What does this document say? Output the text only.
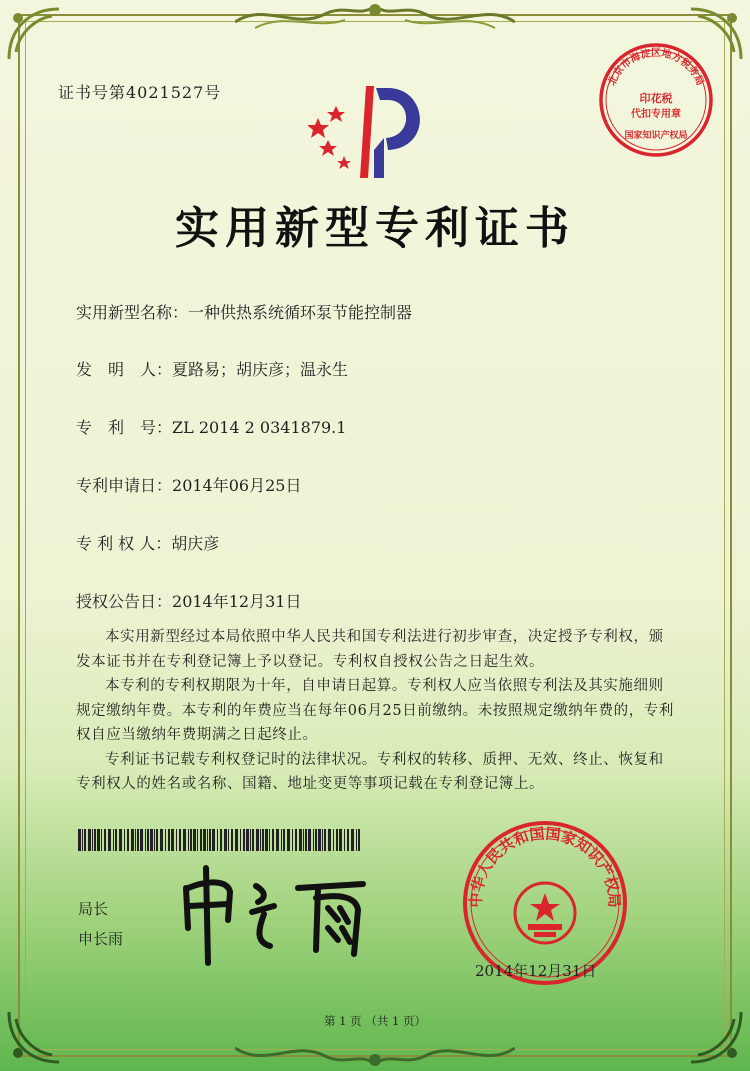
证书号第4021527号
北京市海淀区地方税务局
印花税
代扣专用章
国家知识产权局
实用新型专利证书
实用新型名称：一种供热系统循环泵节能控制器
发　明　人：夏路易；胡庆彦；温永生
专　利　号：ZL 2014 2 0341879.1
专利申请日：2014年06月25日
专 利 权 人：胡庆彦
授权公告日：2014年12月31日

本实用新型经过本局依照中华人民共和国专利法进行初步审查，决定授予专利权，颁发本证书并在专利登记簿上予以登记。专利权自授权公告之日起生效。

本专利的专利权期限为十年，自申请日起算。专利权人应当依照专利法及其实施细则规定缴纳年费。本专利的年费应当在每年06月25日前缴纳。未按照规定缴纳年费的，专利权自应当缴纳年费期满之日起终止。

专利证书记载专利权登记时的法律状况。专利权的转移、质押、无效、终止、恢复和专利权人的姓名或名称、国籍、地址变更等事项记载在专利登记簿上。

局长
申长雨
中华人民共和国国家知识产权局
2014年12月31日
第 1 页 （共 1 页）
